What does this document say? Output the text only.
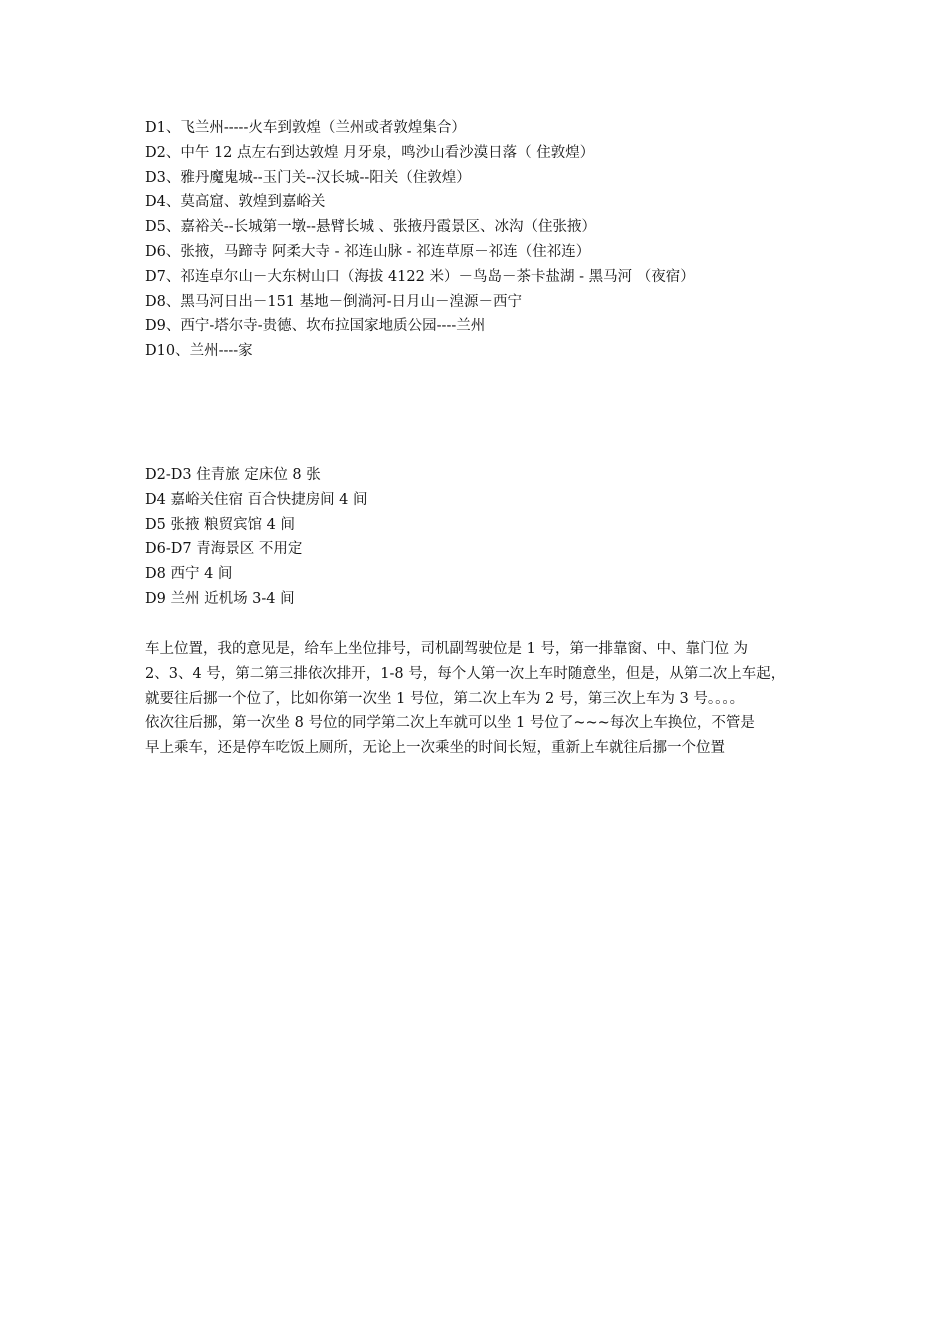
D1、飞兰州-----火车到敦煌（兰州或者敦煌集合）
D2、中午 12 点左右到达敦煌 月牙泉，鸣沙山看沙漠日落（ 住敦煌）
D3、雅丹魔鬼城--玉门关--汉长城--阳关（住敦煌）
D4、莫高窟、敦煌到嘉峪关
D5、嘉裕关--长城第一墩--悬臂长城 、张掖丹霞景区、冰沟（住张掖）
D6、张掖，马蹄寺 阿柔大寺 - 祁连山脉 - 祁连草原－祁连（住祁连）
D7、祁连卓尔山－大东树山口（海拔 4122 米）－鸟岛－茶卡盐湖 - 黑马河 （夜宿）
D8、黑马河日出－151 基地－倒淌河-日月山－湟源－西宁
D9、西宁-塔尔寺-贵德、坎布拉国家地质公园----兰州
D10、兰州----家
D2-D3 住青旅 定床位 8 张
D4 嘉峪关住宿 百合快捷房间 4 间
D5 张掖 粮贸宾馆 4 间
D6-D7 青海景区 不用定
D8 西宁 4 间
D9 兰州 近机场 3-4 间
车上位置，我的意见是，给车上坐位排号，司机副驾驶位是 1 号，第一排靠窗、中、靠门位 为
2、3、4 号，第二第三排依次排开，1-8 号，每个人第一次上车时随意坐，但是，从第二次上车起，
就要往后挪一个位了，比如你第一次坐 1 号位，第二次上车为 2 号，第三次上车为 3 号。。。。
依次往后挪，第一次坐 8 号位的同学第二次上车就可以坐 1 号位了~~~每次上车换位，不管是
早上乘车，还是停车吃饭上厕所，无论上一次乘坐的时间长短，重新上车就往后挪一个位置
